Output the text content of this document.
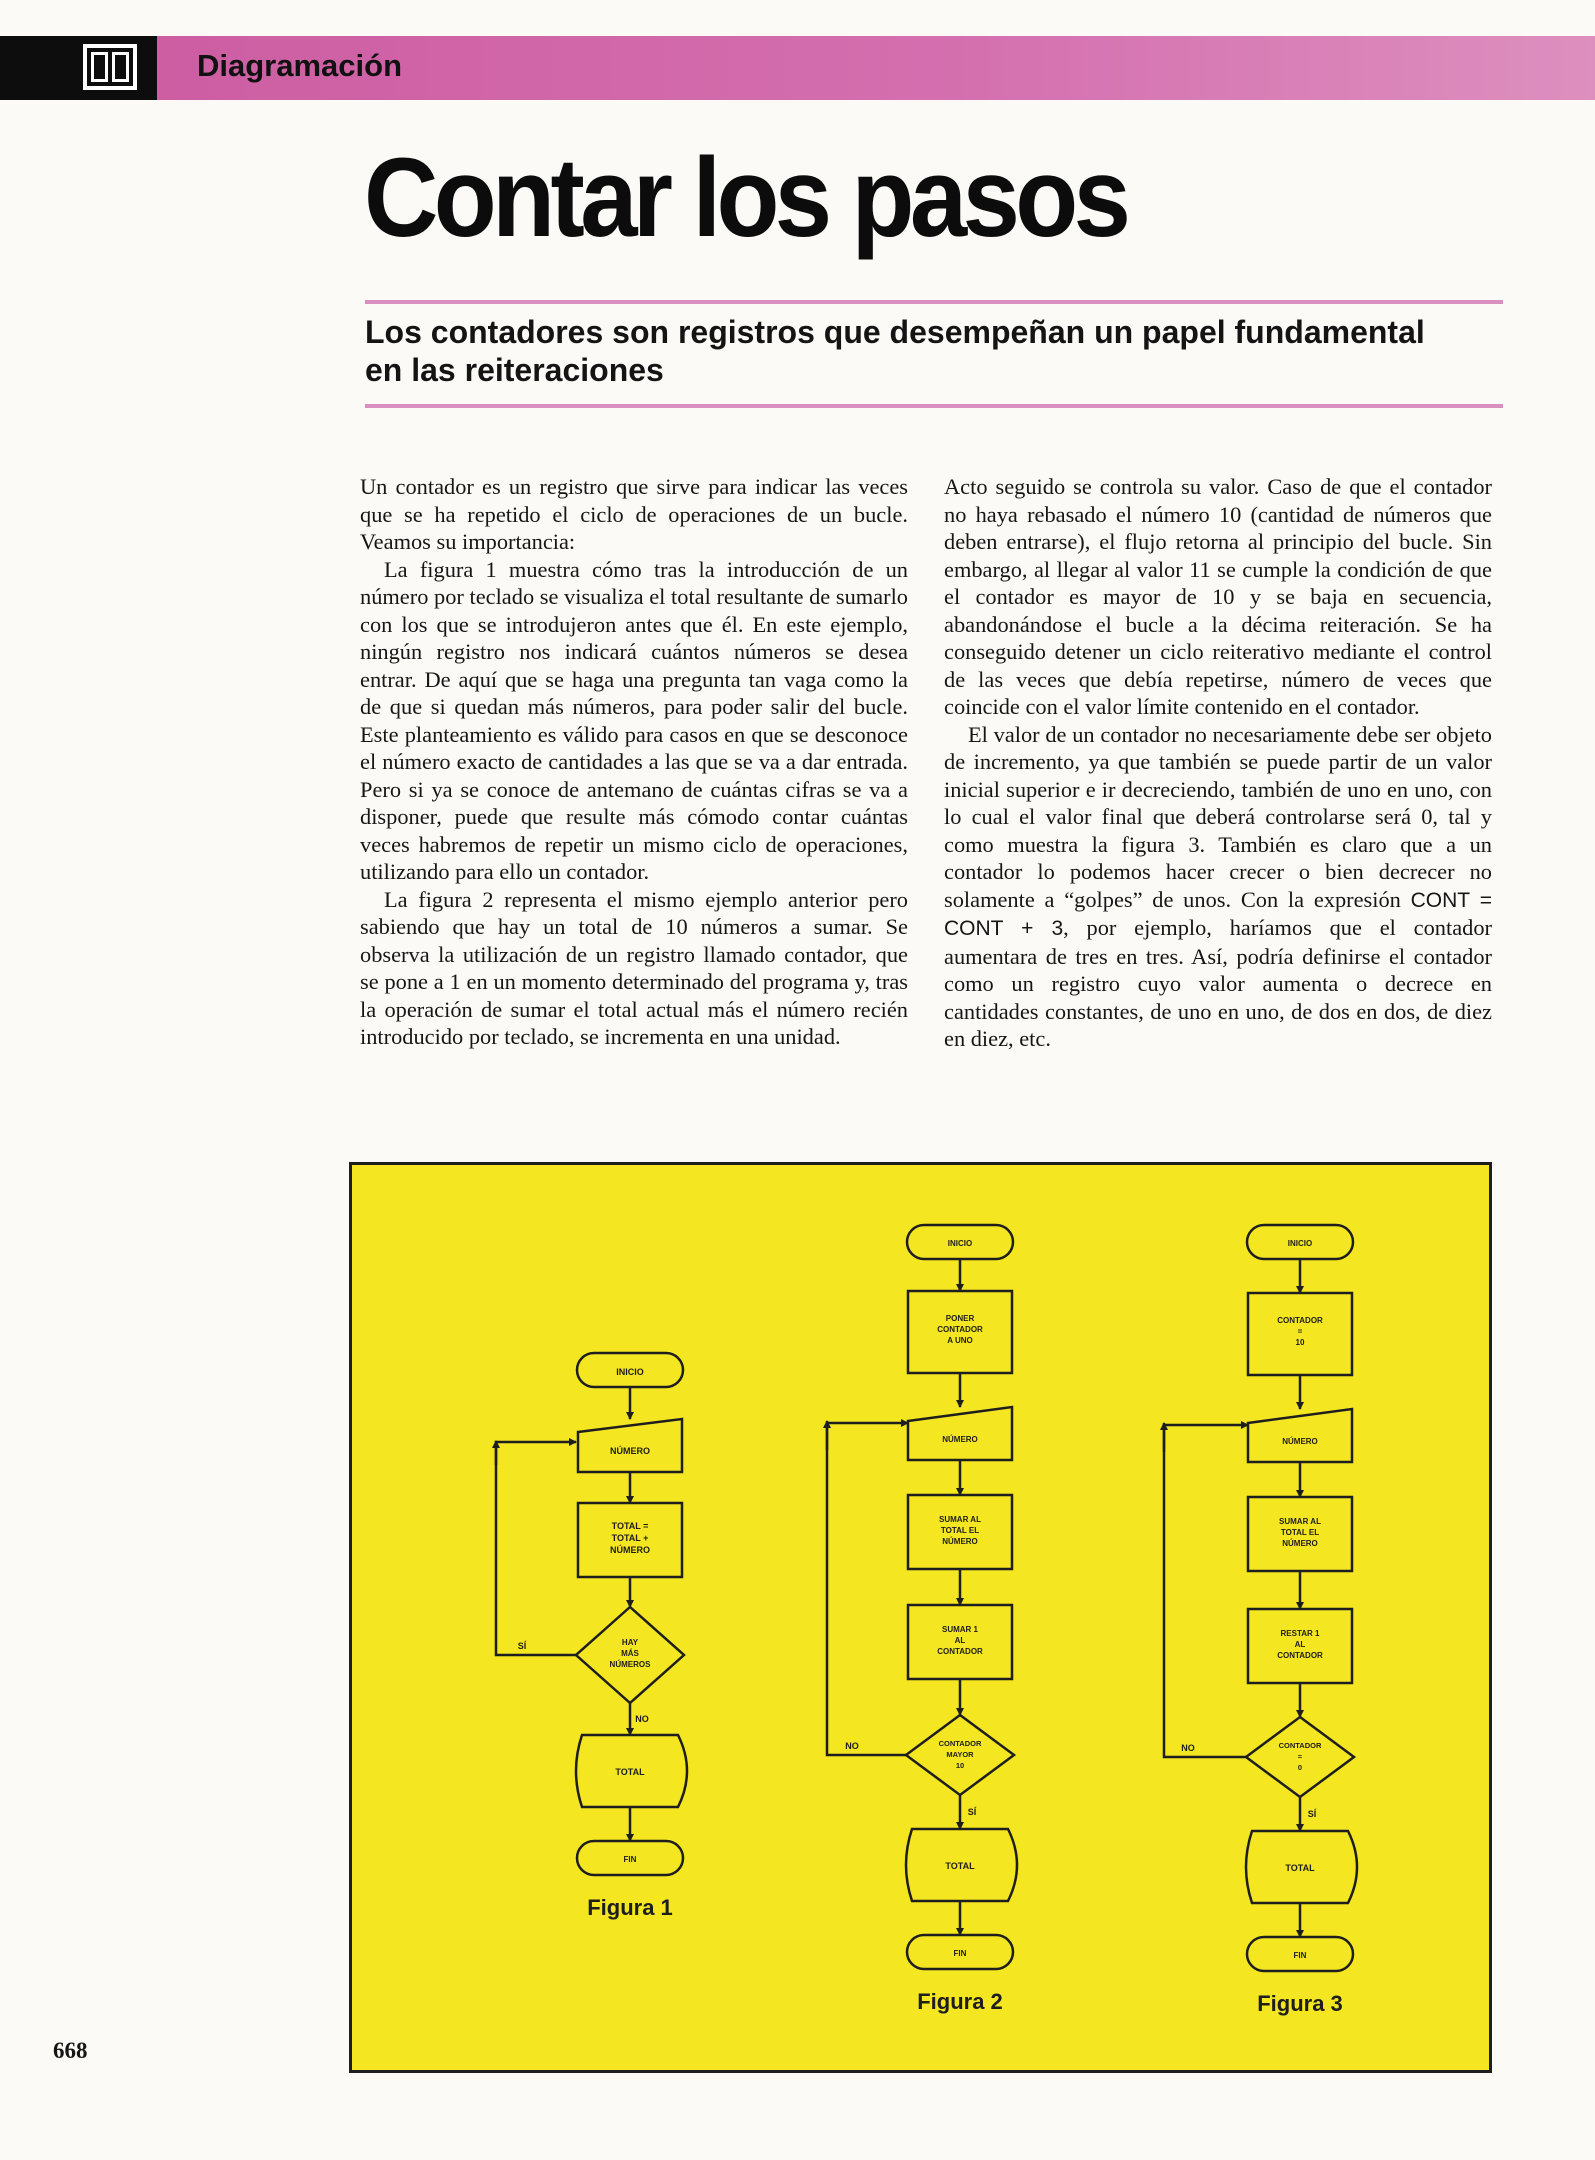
Diagramación
Contar los pasos
Los contadores son registros que desempeñan un papel fundamental en las reiteraciones

Un contador es un registro que sirve para indicar las veces que se ha repetido el ciclo de operaciones de un bucle. Veamos su importancia:

La figura 1 muestra cómo tras la introducción de un número por teclado se visualiza el total resultante de sumarlo con los que se introdujeron antes que él. En este ejemplo, ningún registro nos indicará cuántos números se desea entrar. De aquí que se haga una pregunta tan vaga como la de que si quedan más números, para poder salir del bucle. Este planteamiento es válido para casos en que se desconoce el número exacto de cantidades a las que se va a dar entrada. Pero si ya se conoce de antemano de cuántas cifras se va a disponer, puede que resulte más cómodo contar cuántas veces habremos de repetir un mismo ciclo de operaciones, utilizando para ello un contador.

La figura 2 representa el mismo ejemplo anterior pero sabiendo que hay un total de 10 números a sumar. Se observa la utilización de un registro llamado contador, que se pone a 1 en un momento determinado del programa y, tras la operación de sumar el total actual más el número recién introducido por teclado, se incrementa en una unidad.

Acto seguido se controla su valor. Caso de que el contador no haya rebasado el número 10 (cantidad de números que deben entrarse), el flujo retorna al principio del bucle. Sin embargo, al llegar al valor 11 se cumple la condición de que el contador es mayor de 10 y se baja en secuencia, abandonándose el bucle a la décima reiteración. Se ha conseguido detener un ciclo reiterativo mediante el control de las veces que debía repetirse, número de veces que coincide con el valor límite contenido en el contador.

El valor de un contador no necesariamente debe ser objeto de incremento, ya que también se puede partir de un valor inicial superior e ir decreciendo, también de uno en uno, con lo cual el valor final que deberá controlarse será 0, tal y como muestra la figura 3. También es claro que a un contador lo podemos hacer crecer o bien decrecer no solamente a “golpes” de unos. Con la expresión CONT = CONT + 3, por ejemplo, haríamos que el contador aumentara de tres en tres. Así, podría definirse el contador como un registro cuyo valor aumenta o decrece en cantidades constantes, de uno en uno, de dos en dos, de diez en diez, etc.

INICIO
NÚMERO
TOTAL =
TOTAL +
NÚMERO
HAY
MÁS
NÚMEROS
SÍ
NO
TOTAL
FIN
Figura 1
INICIO
PONER
CONTADOR
A UNO
NÚMERO
SUMAR AL
TOTAL EL
NÚMERO
SUMAR 1
AL
CONTADOR
CONTADOR
MAYOR
10
NO
SÍ
TOTAL
FIN
Figura 2
INICIO
CONTADOR
=
10
NÚMERO
SUMAR AL
TOTAL EL
NÚMERO
RESTAR 1
AL
CONTADOR
CONTADOR
=
0
NO
SÍ
TOTAL
FIN
Figura 3
668
